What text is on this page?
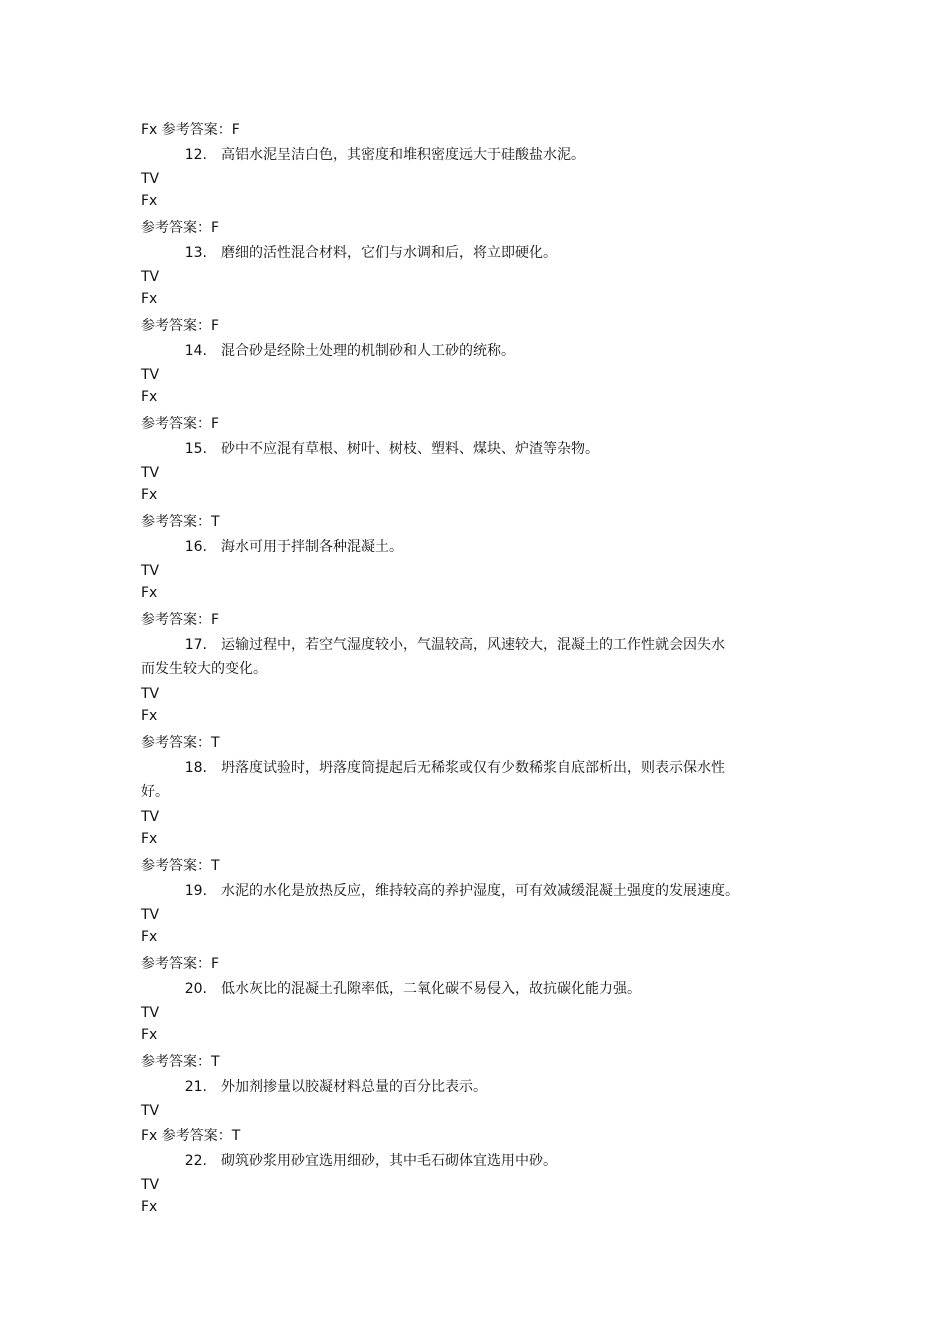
Fx 参考答案：F
12. 高铝水泥呈洁白色，其密度和堆积密度远大于硅酸盐水泥。
TV
Fx
参考答案：F
13. 磨细的活性混合材料，它们与水调和后，将立即硬化。
TV
Fx
参考答案：F
14. 混合砂是经除土处理的机制砂和人工砂的统称。
TV
Fx
参考答案：F
15. 砂中不应混有草根、树叶、树枝、塑料、煤块、炉渣等杂物。
TV
Fx
参考答案：T
16. 海水可用于拌制各种混凝土。
TV
Fx
参考答案：F
17. 运输过程中，若空气湿度较小，气温较高，风速较大，混凝土的工作性就会因失水
而发生较大的变化。
TV
Fx
参考答案：T
18. 坍落度试验时，坍落度筒提起后无稀浆或仅有少数稀浆自底部析出，则表示保水性
好。
TV
Fx
参考答案：T
19. 水泥的水化是放热反应，维持较高的养护湿度，可有效减缓混凝土强度的发展速度。
TV
Fx
参考答案：F
20. 低水灰比的混凝土孔隙率低，二氧化碳不易侵入，故抗碳化能力强。
TV
Fx
参考答案：T
21. 外加剂掺量以胶凝材料总量的百分比表示。
TV
Fx 参考答案：T
22. 砌筑砂浆用砂宜选用细砂，其中毛石砌体宜选用中砂。
TV
Fx
